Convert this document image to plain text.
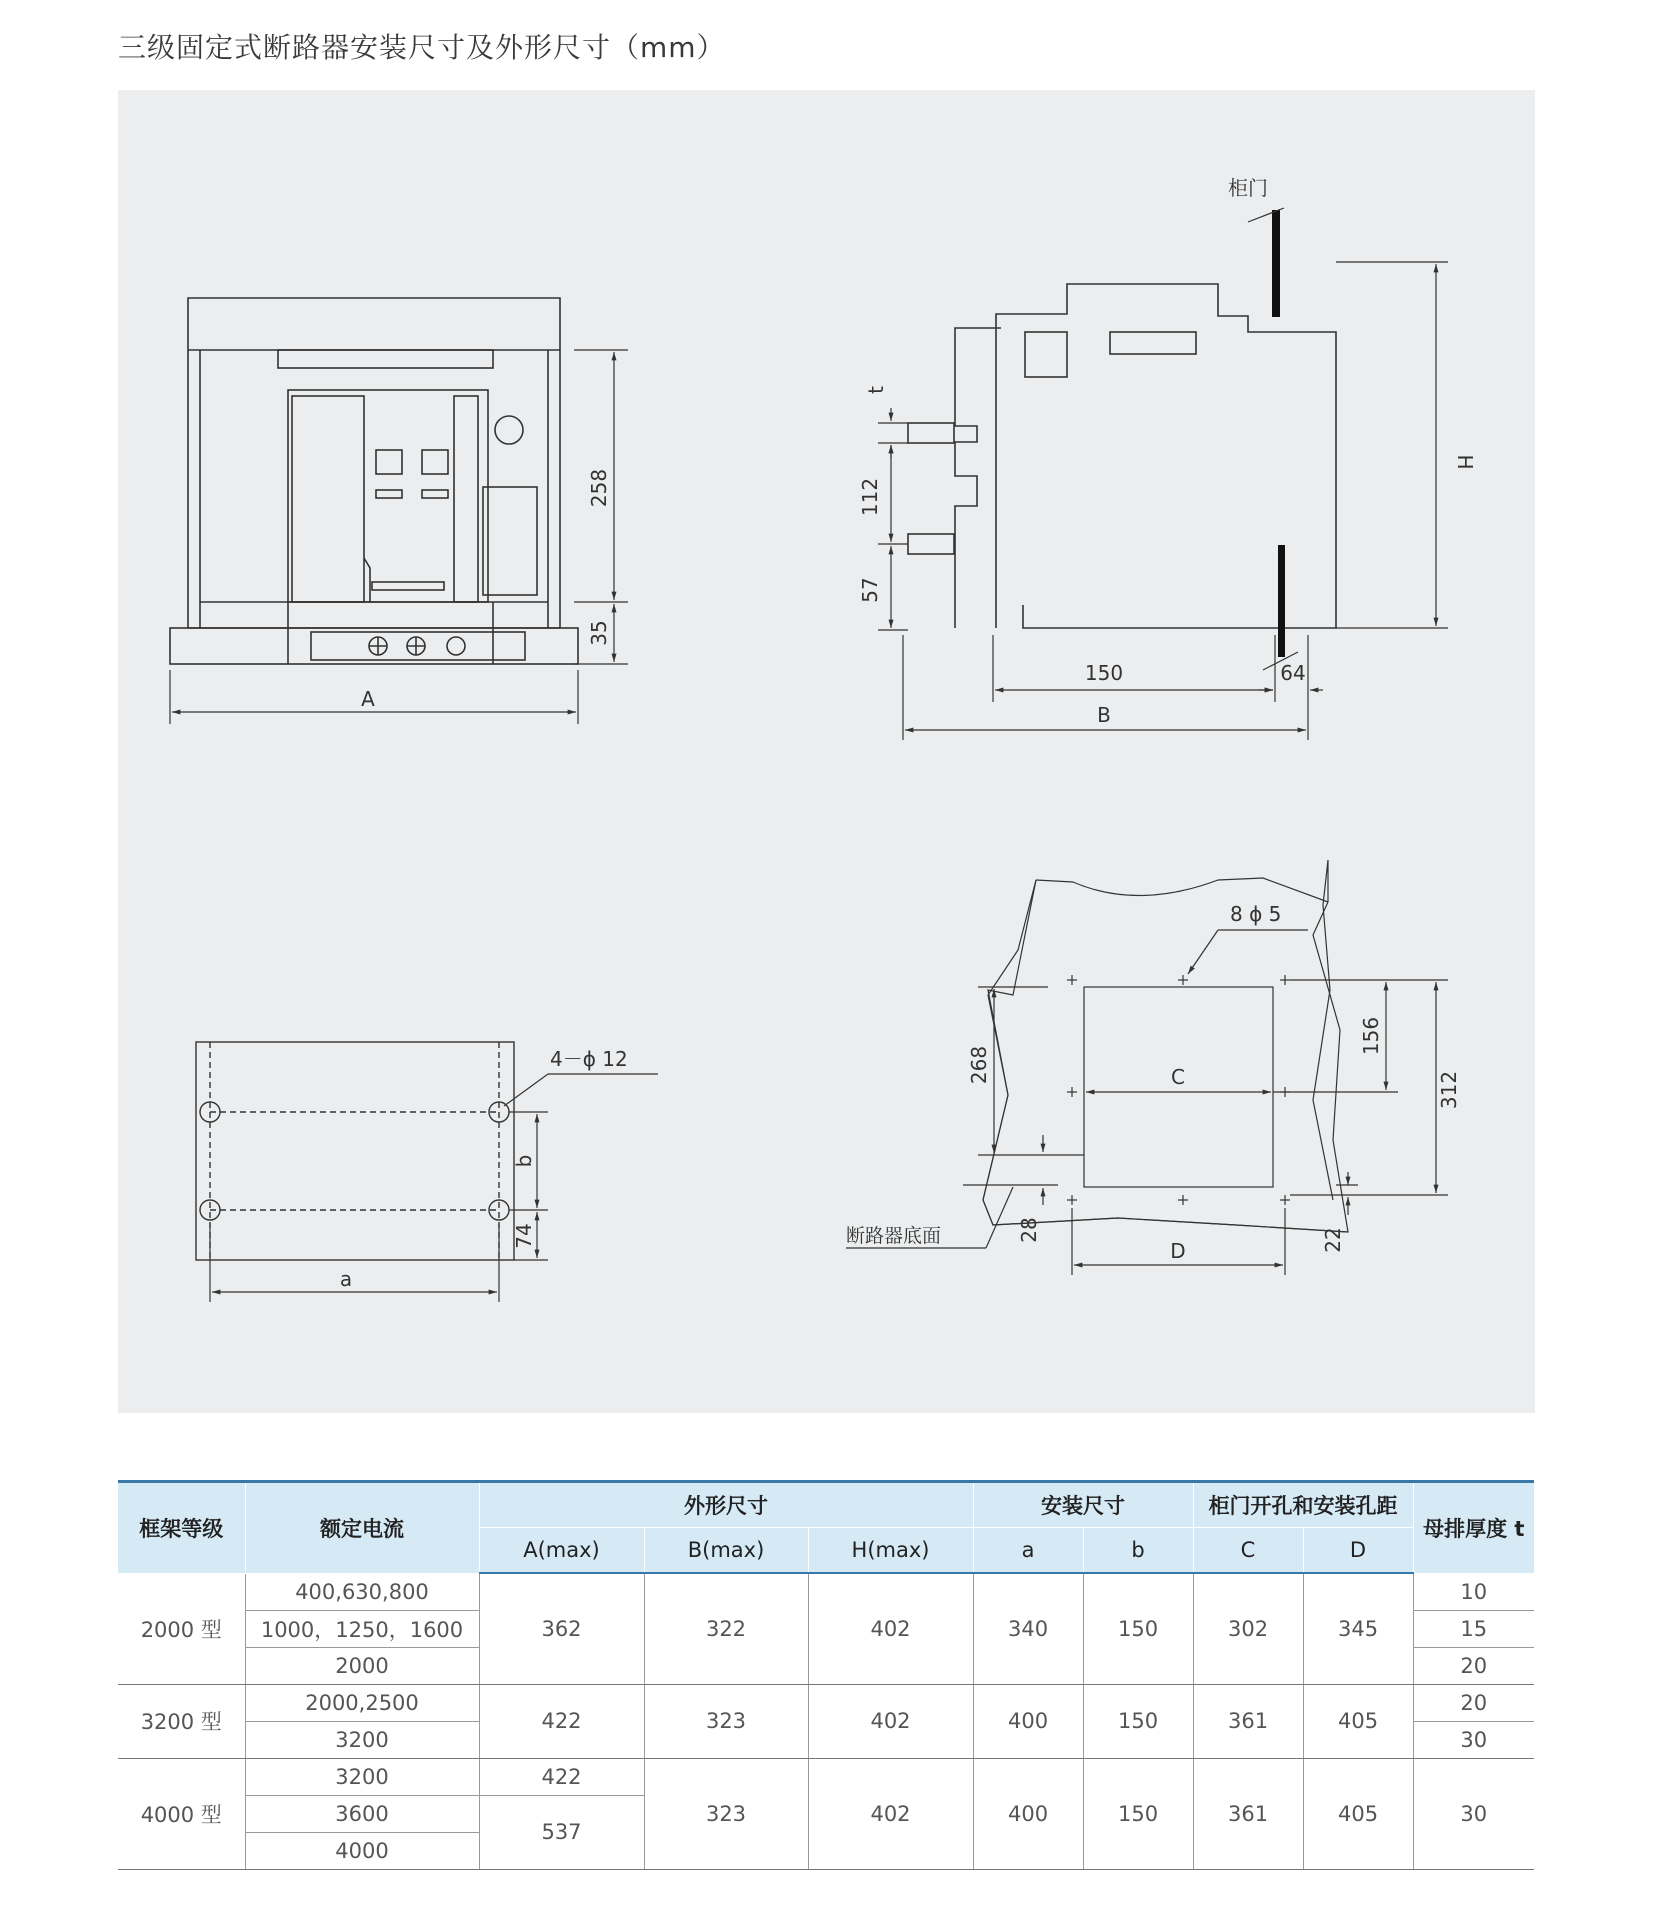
三级固定式断路器安装尺寸及外形尺寸（mm）
258
35
A
柜门
t
112
57
H
150	64
B
4－ϕ 12
b
74
a
8 ϕ 5
C
156
312
268
28	22
D
断路器底面
框架等级	额定电流	外形尺寸			安装尺寸		柜门开孔和安装孔距		母排厚度 t
		A(max)	B(max)	H(max)	a	b	C	D	
2000 型	400,630,800	362	322	402	340	150	302	345	10
	1000，1250，1600								15
	2000								20
3200 型	2000,2500	422	323	402	400	150	361	405	20
	3200								30
4000 型	3200	422	323	402	400	150	361	405	30
	3600	537							
	4000								
